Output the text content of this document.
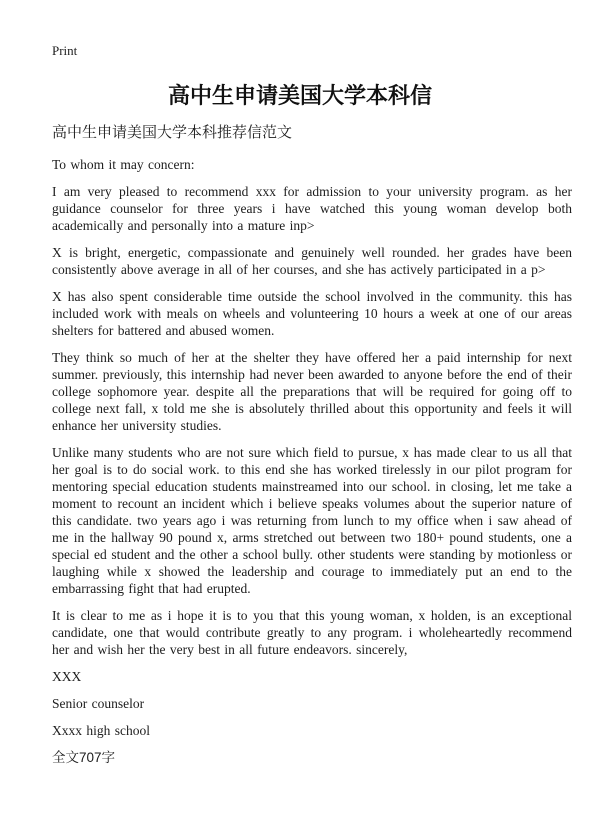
Print
高中生申请美国大学本科信
高中生申请美国大学本科推荐信范文

To whom it may concern:

I am very pleased to recommend xxx for admission to your university program. as her guidance counselor for three years i have watched this young woman develop both academically and personally into a mature inp>

X is bright, energetic, compassionate and genuinely well rounded. her grades have been consistently above average in all of her courses, and she has actively participated in a p>

X has also spent considerable time outside the school involved in the community. this has included work with meals on wheels and volunteering 10 hours a week at one of our areas shelters for battered and abused women.

They think so much of her at the shelter they have offered her a paid internship for next summer. previously, this internship had never been awarded to anyone before the end of their college sophomore year. despite all the preparations that will be required for going off to college next fall, x told me she is absolutely thrilled about this opportunity and feels it will enhance her university studies.

Unlike many students who are not sure which field to pursue, x has made clear to us all that her goal is to do social work. to this end she has worked tirelessly in our pilot program for mentoring special education students mainstreamed into our school. in closing, let me take a moment to recount an incident which i believe speaks volumes about the superior nature of this candidate. two years ago i was returning from lunch to my office when i saw ahead of me in the hallway 90 pound x, arms stretched out between two 180+ pound students, one a special ed student and the other a school bully. other students were standing by motionless or laughing while x showed the leadership and courage to immediately put an end to the embarrassing fight that had erupted.

It is clear to me as i hope it is to you that this young woman, x holden, is an exceptional candidate, one that would contribute greatly to any program. i wholeheartedly recommend her and wish her the very best in all future endeavors. sincerely,

XXX

Senior counselor

Xxxx high school

全文707字
